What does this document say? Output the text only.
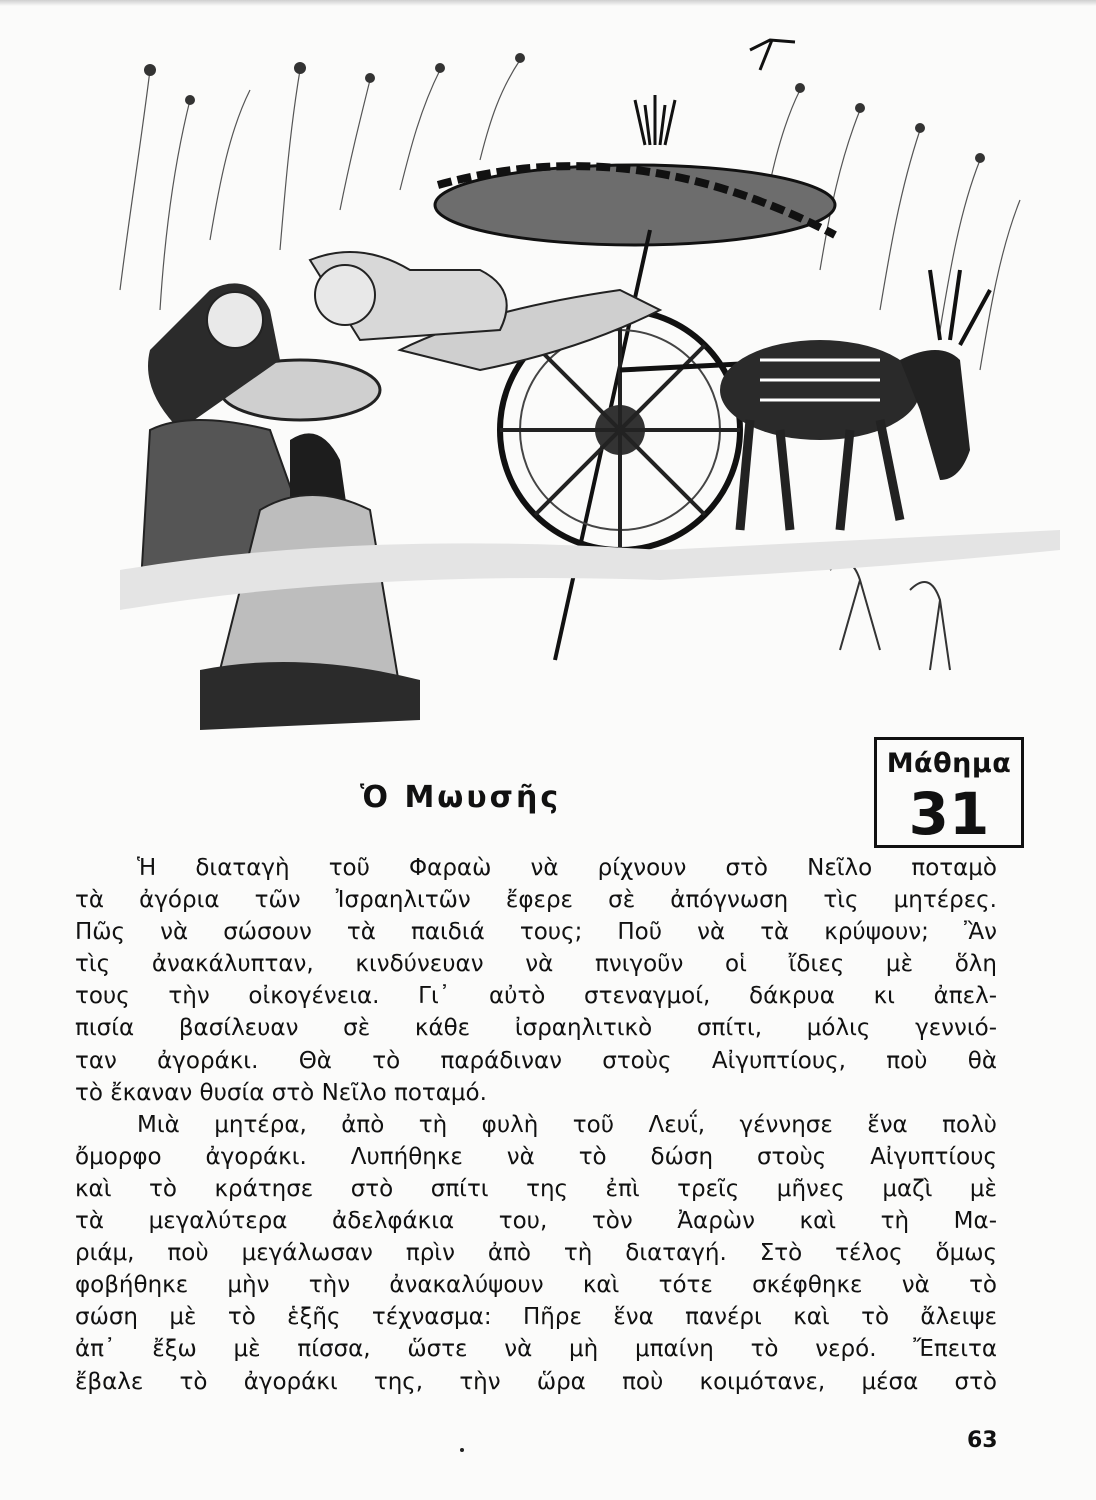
Μάθημα
31
Ὁ Μωυσῆς
Ἡ διαταγὴ τοῦ Φαραὼ νὰ ρίχνουν στὸ Νεῖλο ποταμὸ
τὰ ἀγόρια τῶν Ἰσραηλιτῶν ἔφερε σὲ ἀπόγνωση τὶς μητέρες.
Πῶς νὰ σώσουν τὰ παιδιά τους; Ποῦ νὰ τὰ κρύψουν; Ἂν
τὶς ἀνακάλυπταν, κινδύνευαν νὰ πνιγοῦν οἱ ἴδιες μὲ ὅλη
τους τὴν οἰκογένεια. Γι᾽ αὐτὸ στεναγμοί, δάκρυα κι ἀπελ-
πισία βασίλευαν σὲ κάθε ἰσραηλιτικὸ σπίτι, μόλις γεννιό-
ταν ἀγοράκι. Θὰ τὸ παράδιναν στοὺς Αἰγυπτίους, ποὺ θὰ
τὸ ἔκαναν θυσία στὸ Νεῖλο ποταμό.
Μιὰ μητέρα, ἀπὸ τὴ φυλὴ τοῦ Λευΐ, γέννησε ἕνα πολὺ
ὄμορφο ἀγοράκι. Λυπήθηκε νὰ τὸ δώση στοὺς Αἰγυπτίους
καὶ τὸ κράτησε στὸ σπίτι της ἐπὶ τρεῖς μῆνες μαζὶ μὲ
τὰ μεγαλύτερα ἀδελφάκια του, τὸν Ἀαρὼν καὶ τὴ Μα-
ριάμ, ποὺ μεγάλωσαν πρὶν ἀπὸ τὴ διαταγή. Στὸ τέλος ὅμως
φοβήθηκε μὴν τὴν ἀνακαλύψουν καὶ τότε σκέφθηκε νὰ τὸ
σώση μὲ τὸ ἑξῆς τέχνασμα: Πῆρε ἕνα πανέρι καὶ τὸ ἄλειψε
ἀπ᾽ ἔξω μὲ πίσσα, ὥστε νὰ μὴ μπαίνη τὸ νερό. Ἔπειτα
ἔβαλε τὸ ἀγοράκι της, τὴν ὥρα ποὺ κοιμότανε, μέσα στὸ
63
